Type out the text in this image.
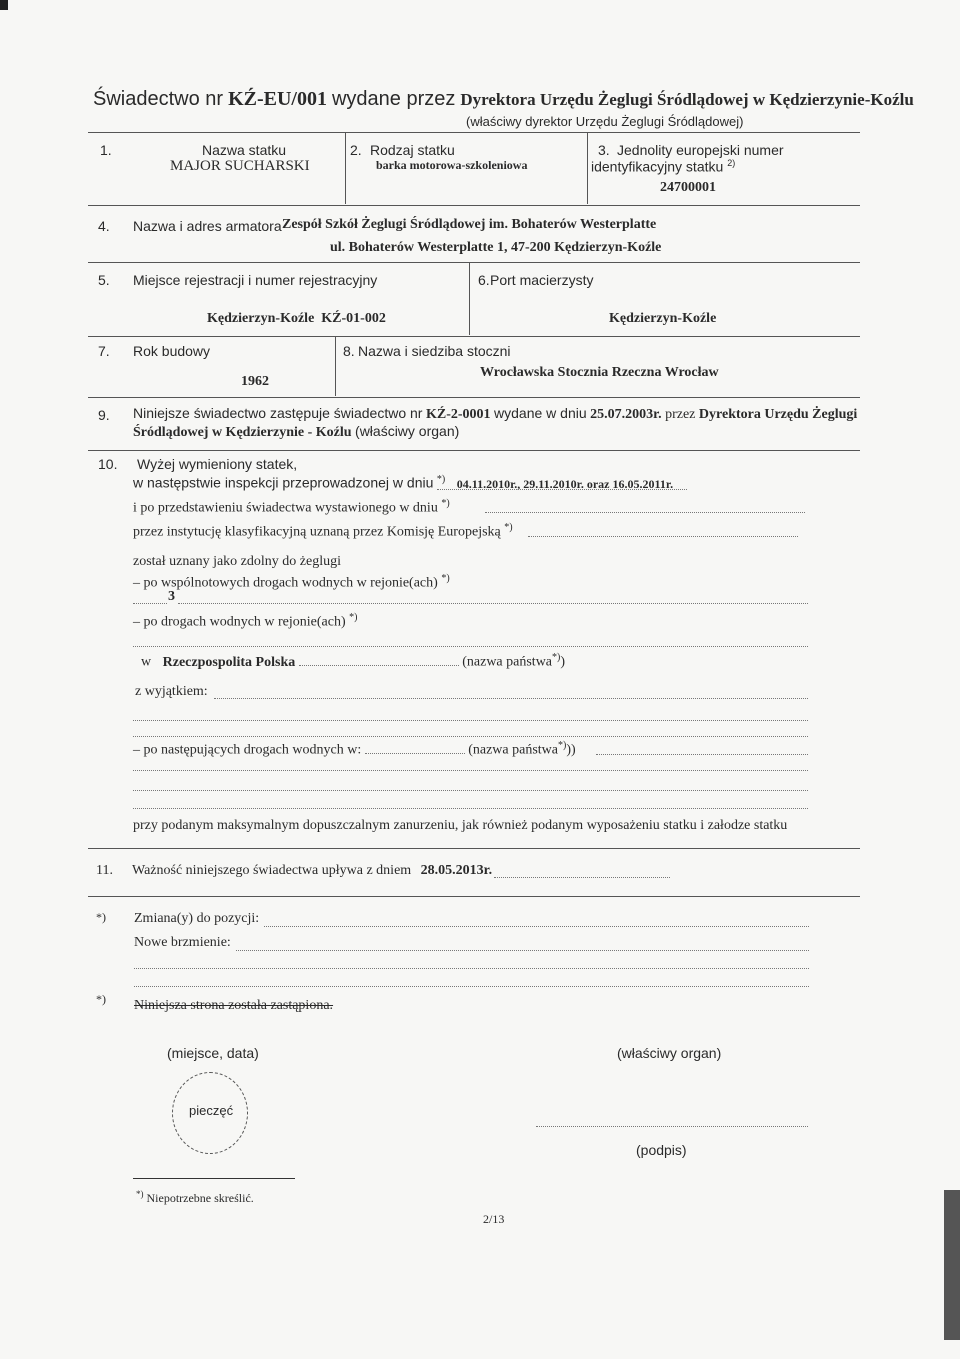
Świadectwo nr KŹ-EU/001 wydane przez Dyrektora Urzędu Żeglugi Śródlądowej w Kędzierzynie-Koźlu
(właściwy dyrektor Urzędu Żeglugi Śródlądowej)
1.	Nazwa statku
MAJOR SUCHARSKI
2. Rodzaj statku
barka motorowa-szkoleniowa
3. Jednolity europejski numer
identyfikacyjny statku $^{2)}$
24700001
4. Nazwa i adres armatora Zespół Szkół Żeglugi Śródlądowej im. Bohaterów Westerplatte
ul. Bohaterów Westerplatte 1, 47-200 Kędzierzyn-Koźle
5. Miejsce rejestracji i numer rejestracyjny
Kędzierzyn-Koźle  KŹ-01-002
6. Port macierzysty
Kędzierzyn-Koźle
7. Rok budowy
1962
8. Nazwa i siedziba stoczni
Wrocławska Stocznia Rzeczna Wrocław
9. Niniejsze świadectwo zastępuje świadectwo nr KŹ-2-0001 wydane w dniu 25.07.2003r. przez Dyrektora Urzędu Żeglugi
Śródlądowej w Kędzierzynie - Koźlu (właściwy organ)
10. Wyżej wymieniony statek,
w następstwie inspekcji przeprowadzonej w dniu *) 04.11.2010r., 29.11.2010r. oraz 16.05.2011r.
i po przedstawieniu świadectwa wystawionego w dniu *)
przez instytucję klasyfikacyjną uznaną przez Komisję Europejską *)
został uznany jako zdolny do żeglugi
– po wspólnotowych drogach wodnych w rejonie(ach) *)
3
– po drogach wodnych w rejonie(ach) *)
w Rzeczpospolita Polska	(nazwa państwa*))
z wyjątkiem:
– po następujących drogach wodnych w:	(nazwa państwa*)))
przy podanym maksymalnym dopuszczalnym zanurzeniu, jak również podanym wyposażeniu statku i załodze statku
11. Ważność niniejszego świadectwa upływa z dniem 28.05.2013r.
*) Zmiana(y) do pozycji:
Nowe brzmienie:
*) Niniejsza strona została zastąpiona.
(miejsce, data)	(właściwy organ)
pieczęć
(podpis)
*) Niepotrzebne skreślić.
2/13
